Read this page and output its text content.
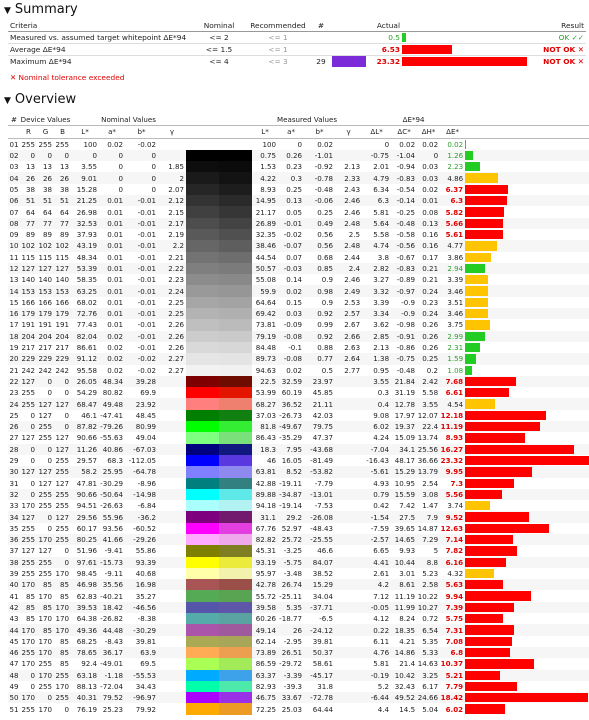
▼ Summary
Criteria	Nominal	Recommended	#		Actual		Result
Measured vs. assumed target whitepoint ΔE*94	<= 2	<= 1			0.5		OK ✓✓
Average ΔE*94	<= 1.5	<= 1			6.53		NOT OK ✕
Maximum ΔE*94	<= 4	<= 3	29		23.32		NOT OK ✕
✕ Nominal tolerance exceeded
▼ Overview
#	Device Values			Nominal Values						Measured Values				ΔE*94				
	R	G	B	L*	a*	b*	γ			L*	a*	b*	γ	ΔL*	ΔC*	ΔH*	ΔE*	
01	255	255	255	100	0.02	-0.02				100	0	0.02		0	0.02	0.02	0.02	

02	0	0	0	0	0	0				0.75	0.26	-1.01		-0.75	-1.04	0	1.26	

03	13	13	13	3.55	0	0	1.85			1.53	0.23	-0.92	2.13	2.01	-0.94	0.03	2.23	

04	26	26	26	9.01	0	0	2			4.22	0.3	-0.78	2.33	4.79	-0.83	0.03	4.86	

05	38	38	38	15.28	0	0	2.07			8.93	0.25	-0.48	2.43	6.34	-0.54	0.02	6.37	

06	51	51	51	21.25	0.01	-0.01	2.12			14.95	0.13	-0.06	2.46	6.3	-0.14	0.01	6.3	

07	64	64	64	26.98	0.01	-0.01	2.15			21.17	0.05	0.25	2.46	5.81	-0.25	0.08	5.82	

08	77	77	77	32.53	0.01	-0.01	2.17			26.89	-0.01	0.49	2.48	5.64	-0.48	0.13	5.66	

09	89	89	89	37.93	0.01	-0.01	2.19			32.35	-0.02	0.56	2.5	5.58	-0.58	0.16	5.61	

10	102	102	102	43.19	0.01	-0.01	2.2			38.46	-0.07	0.56	2.48	4.74	-0.56	0.16	4.77	

11	115	115	115	48.34	0.01	-0.01	2.21			44.54	0.07	0.68	2.44	3.8	-0.67	0.17	3.86	

12	127	127	127	53.39	0.01	-0.01	2.22			50.57	-0.03	0.85	2.4	2.82	-0.83	0.21	2.94	

13	140	140	140	58.35	0.01	-0.01	2.23			55.08	0.14	0.9	2.46	3.27	-0.89	0.21	3.39	

14	153	153	153	63.25	0.01	-0.01	2.24			59.9	0.02	0.98	2.49	3.32	-0.97	0.24	3.46	

15	166	166	166	68.02	0.01	-0.01	2.25			64.64	0.15	0.9	2.53	3.39	-0.9	0.23	3.51	

16	179	179	179	72.76	0.01	-0.01	2.25			69.42	0.03	0.92	2.57	3.34	-0.9	0.24	3.46	

17	191	191	191	77.43	0.01	-0.01	2.26			73.81	-0.09	0.99	2.67	3.62	-0.98	0.26	3.75	

18	204	204	204	82.04	0.02	-0.01	2.26			79.19	-0.08	0.92	2.66	2.85	-0.91	0.26	2.99	

19	217	217	217	86.61	0.02	-0.01	2.26			84.48	-0.1	0.88	2.63	2.13	-0.86	0.26	2.31	

20	229	229	229	91.12	0.02	-0.02	2.27			89.73	-0.08	0.77	2.64	1.38	-0.75	0.25	1.59	

21	242	242	242	95.58	0.02	-0.02	2.27			94.63	0.02	0.5	2.77	0.95	-0.48	0.2	1.08	

22	127	0	0	26.05	48.34	39.28				22.5	32.59	23.97		3.55	21.84	2.42	7.68	

23	255	0	0	54.29	80.82	69.9				53.99	60.19	45.85		0.3	31.19	5.58	6.61	

24	255	127	127	68.47	49.48	23.92				68.27	36.52	21.11		0.4	12.78	3.55	4.54	

25	0	127	0	46.1	-47.41	48.45				37.03	-26.73	42.03		9.08	17.97	12.07	12.18	

26	0	255	0	87.82	-79.26	80.99				81.8	-49.67	79.75		6.02	19.37	22.4	11.19	

27	127	255	127	90.66	-55.63	49.04				86.43	-35.29	47.37		4.24	15.09	13.74	8.93	

28	0	0	127	11.26	40.86	-67.03				18.3	7.95	-43.68		-7.04	34.1	25.56	16.27	

29	0	0	255	29.57	68.3	-112.05				46	16.05	-81.49		-16.43	48.17	36.66	23.32	

30	127	127	255	58.2	25.95	-64.78				63.81	8.52	-53.82		-5.61	15.29	13.79	9.95	

31	0	127	127	47.81	-30.29	-8.96				42.88	-19.11	-7.79		4.93	10.95	2.54	7.3	

32	0	255	255	90.66	-50.64	-14.98				89.88	-34.87	-13.01		0.79	15.59	3.08	5.56	

33	170	255	255	94.51	-26.63	-6.84				94.18	-19.14	-7.53		0.42	7.42	1.47	3.74	

34	127	0	127	29.56	55.96	-36.2				31.1	29.2	-26.08		-1.54	27.5	7.9	9.52	

35	255	0	255	60.17	93.56	-60.52				67.76	52.97	-48.43		-7.59	39.65	14.87	12.63	

36	255	170	255	80.25	41.66	-29.26				82.82	25.72	-25.55		-2.57	14.65	7.29	7.14	

37	127	127	0	51.96	-9.41	55.86				45.31	-3.25	46.6		6.65	9.93	5	7.82	

38	255	255	0	97.61	-15.73	93.39				93.19	-5.75	84.07		4.41	10.44	8.8	6.16	

39	255	255	170	98.45	-9.11	40.68				95.97	-3.48	38.52		2.61	3.01	5.23	4.32	

40	170	85	85	46.98	35.56	16.98				42.78	26.74	15.29		4.2	8.61	2.58	5.63	

41	85	170	85	62.83	-40.21	35.27				55.72	-25.11	34.04		7.12	11.19	10.22	9.94	

42	85	85	170	39.53	18.42	-46.56				39.58	5.35	-37.71		-0.05	11.99	10.27	7.39	

43	85	170	170	64.38	-26.82	-8.38				60.26	-18.77	-6.5		4.12	8.24	0.72	5.75	

44	170	85	170	49.36	44.48	-30.29				49.14	26	-24.12		0.22	18.35	6.54	7.31	

45	170	170	85	68.25	-8.43	39.81				62.14	-2.95	39.81		6.11	4.21	5.35	7.08	

46	255	170	85	78.65	36.17	63.9				73.89	26.51	50.37		4.76	14.86	5.33	6.8	

47	170	255	85	92.4	-49.01	69.5				86.59	-29.72	58.61		5.81	21.4	14.63	10.37	

48	0	170	255	63.18	-1.18	-55.53				63.37	-3.39	-45.17		-0.19	10.42	3.25	5.21	

49	0	255	170	88.13	-72.04	34.43				82.93	-39.3	31.8		5.2	32.43	6.17	7.79	

50	170	0	255	40.31	79.52	-96.97				46.75	33.67	-72.78		-6.44	49.52	24.66	18.42	

51	255	170	0	76.19	25.23	79.92				72.25	25.03	64.44		4.4	14.5	5.04	6.02	
